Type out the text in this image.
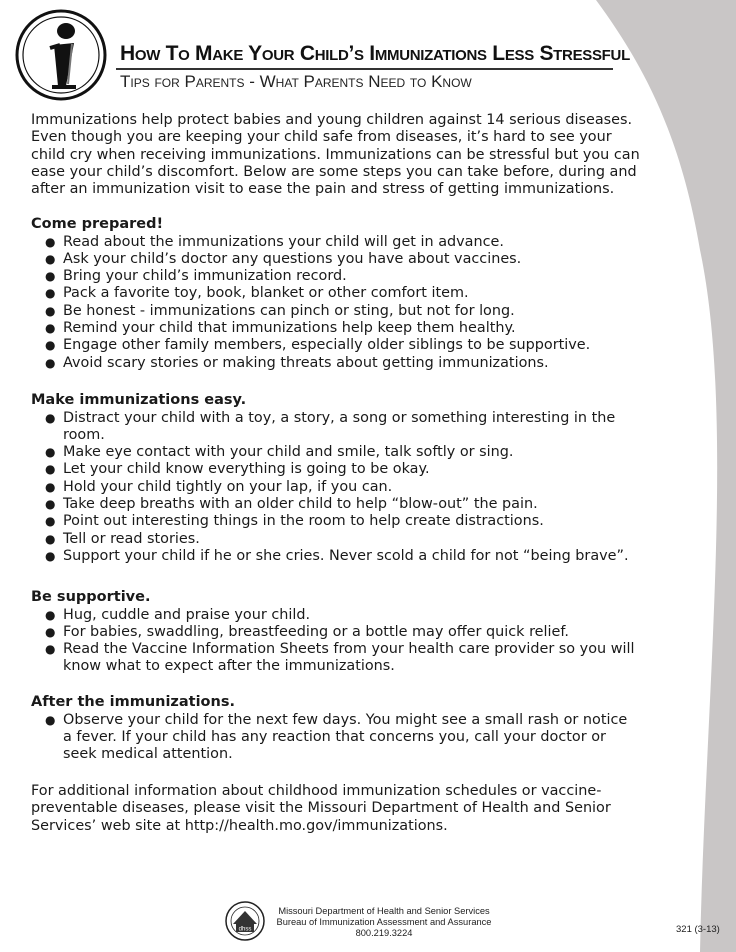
How To Make Your Child’s Immunizations Less Stressful
Tips for Parents - What Parents Need to Know

Immunizations help protect babies and young children against 14 serious diseases. Even though you are keeping your child safe from diseases, it’s hard to see your child cry when receiving immunizations. Immunizations can be stressful but you can ease your child’s discomfort. Below are some steps you can take before, during and after an immunization visit to ease the pain and stress of getting immunizations.

Come prepared!
● Read about the immunizations your child will get in advance.
● Ask your child’s doctor any questions you have about vaccines.
● Bring your child’s immunization record.
● Pack a favorite toy, book, blanket or other comfort item.
● Be honest - immunizations can pinch or sting, but not for long.
● Remind your child that immunizations help keep them healthy.
● Engage other family members, especially older siblings to be supportive.
● Avoid scary stories or making threats about getting immunizations.
Make immunizations easy.
● Distract your child with a toy, a story, a song or something interesting in the room.
● Make eye contact with your child and smile, talk softly or sing.
● Let your child know everything is going to be okay.
● Hold your child tightly on your lap, if you can.
● Take deep breaths with an older child to help “blow-out” the pain.
● Point out interesting things in the room to help create distractions.
● Tell or read stories.
● Support your child if he or she cries. Never scold a child for not “being brave”.
Be supportive.
● Hug, cuddle and praise your child.
● For babies, swaddling, breastfeeding or a bottle may offer quick relief.
● Read the Vaccine Information Sheets from your health care provider so you will know what to expect after the immunizations.
After the immunizations.
● Observe your child for the next few days. You might see a small rash or notice a fever. If your child has any reaction that concerns you, call your doctor or seek medical attention.

For additional information about childhood immunization schedules or vaccine-preventable diseases, please visit the Missouri Department of Health and Senior Services’ web site at http://health.mo.gov/immunizations.

dhss
Missouri Department of Health and Senior Services
Bureau of Immunization Assessment and Assurance
800.219.3224	321 (3-13)
